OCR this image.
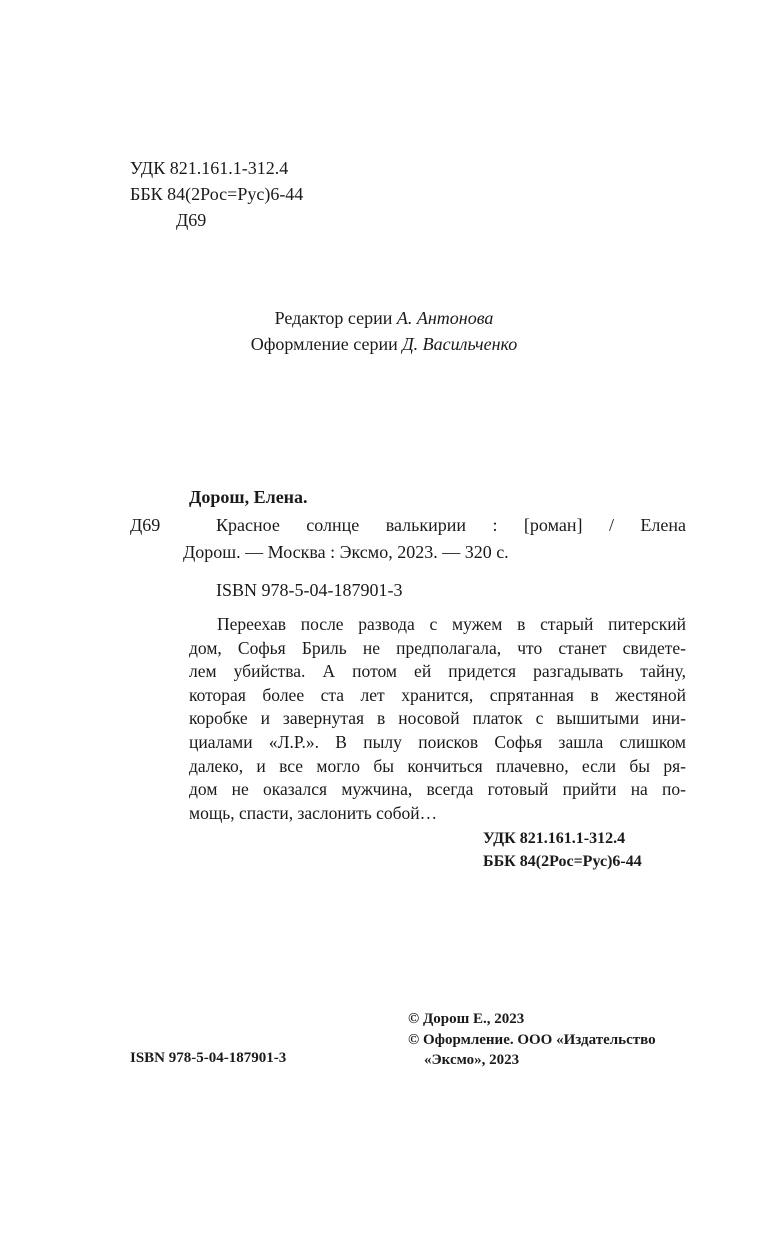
УДК 821.161.1-312.4
ББК 84(2Рос=Рус)6-44
Д69
Редактор серии А. Антонова
Оформление серии Д. Васильченко
Дорош, Елена.
Д69	Красное солнце валькирии : [роман] / Елена
Дорош. — Москва : Эксмо, 2023. — 320 с.
ISBN 978-5-04-187901-3
Переехав после развода с мужем в старый питерский
дом, Софья Бриль не предполагала, что станет свидете-
лем убийства. А потом ей придется разгадывать тайну,
которая более ста лет хранится, спрятанная в жестяной
коробке и завернутая в носовой платок с вышитыми ини-
циалами «Л.Р.». В пылу поисков Софья зашла слишком
далеко, и все могло бы кончиться плачевно, если бы ря-
дом не оказался мужчина, всегда готовый прийти на по-
мощь, спасти, заслонить собой…
УДК 821.161.1-312.4
ББК 84(2Рос=Рус)6-44
© Дорош Е., 2023
© Оформление. ООО «Издательство
«Эксмо», 2023
ISBN 978-5-04-187901-3
